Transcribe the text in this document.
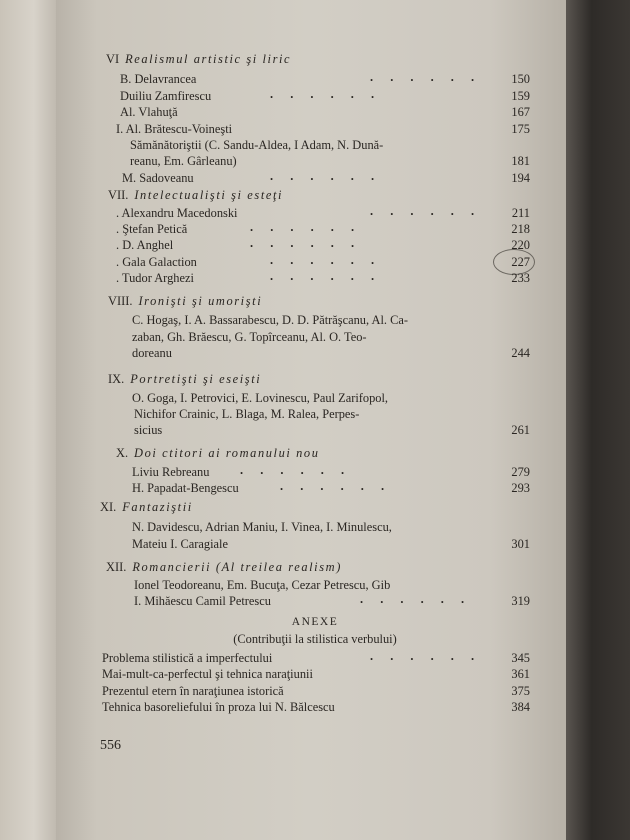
VI Realismul artistic şi liric
B. Delavrancea	. . . . . .	150
Duiliu Zamfirescu	. . . . . .	159
Al. Vlahuţă	167
I. Al. Brătescu-Voineşti	175
Sămănătoriştii (C. Sandu-Aldea, I Adam, N. Dună-
reanu, Em. Gârleanu)	181
M. Sadoveanu	. . . . . .	194
VII. Intelectualişti şi esteţi
. Alexandru Macedonski	. . . . . .	211
. Ştefan Petică	. . . . . .	218
. D. Anghel	. . . . . .	220
. Gala Galaction	. . . . . .	227
. Tudor Arghezi	. . . . . .	233
VIII. Ironişti şi umorişti
C. Hogaş, I. A. Bassarabescu, D. D. Pătrăşcanu, Al. Ca-
zaban, Gh. Brăescu, G. Topîrceanu, Al. O. Teo-
doreanu	244
IX. Portretişti şi eseişti
O. Goga, I. Petrovici, E. Lovinescu, Paul Zarifopol,
Nichifor Crainic, L. Blaga, M. Ralea, Perpes-
sicius	261
X. Doi ctitori ai romanului nou
Liviu Rebreanu . . . . . .	279
H. Papadat-Bengescu	. . . . . .	293
XI. Fantaziştii
N. Davidescu, Adrian Maniu, I. Vinea, I. Minulescu,
Mateiu I. Caragiale	301
XII. Romancierii (Al treilea realism)
Ionel Teodoreanu, Em. Bucuţa, Cezar Petrescu, Gib
I. Mihăescu Camil Petrescu	. . . . . .	319
ANEXE
(Contribuţii la stilistica verbului)
Problema stilistică a imperfectului	. . . . . .	345
Mai-mult-ca-perfectul şi tehnica naraţiunii	361
Prezentul etern în naraţiunea istorică	375
Tehnica basoreliefului în proza lui N. Bălcescu	384
556
